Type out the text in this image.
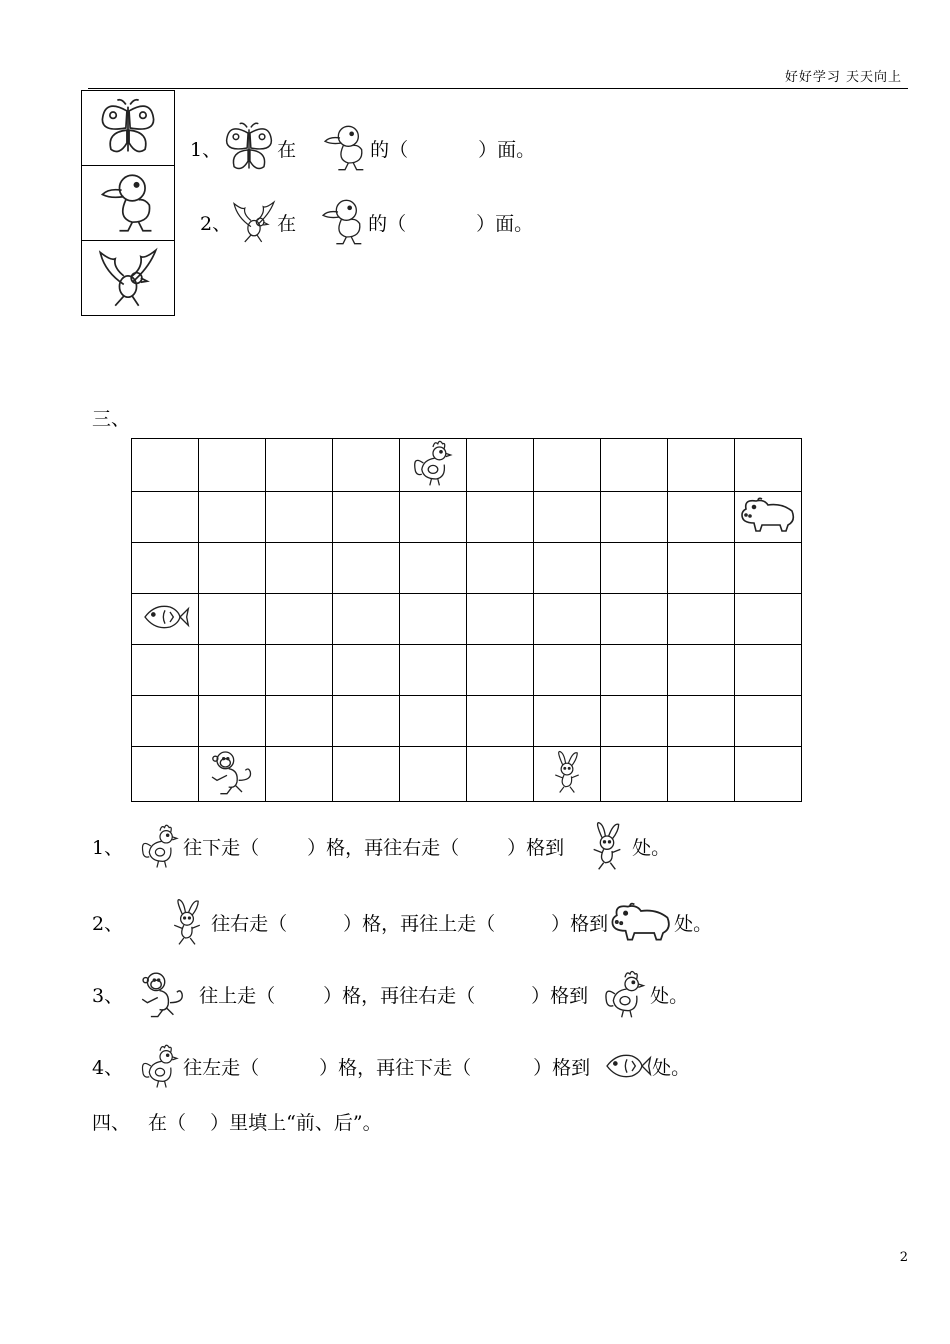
好好学习 天天向上
1、	在	的（	）面。
2、 在	的（	）面。
三、

1、	往下走（	）格，再往右走（	）格到	处。
2、	往右走（	）格，再往上走（	）格到	处。
3、	往上走（	）格，再往右走（	）格到	处。
4、	往左走（	）格，再往下走（	）格到	处。
四、 在（    ）里填上“前、后”。
2
